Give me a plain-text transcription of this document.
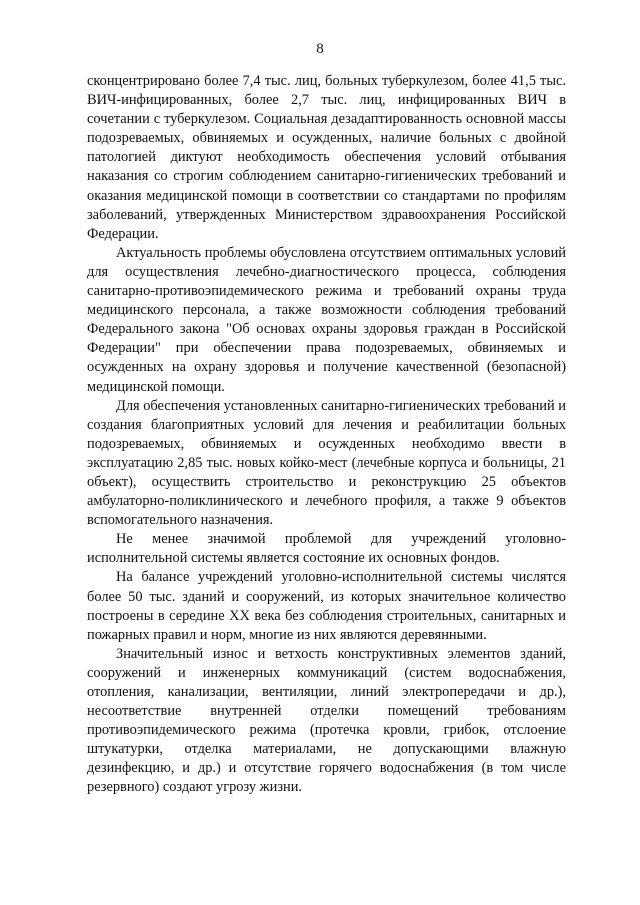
8

сконцентрировано более 7,4 тыс. лиц, больных туберкулезом, более 41,5 тыс. ВИЧ-инфицированных, более 2,7 тыс. лиц, инфицированных ВИЧ в сочетании с туберкулезом. Социальная дезадаптированность основной массы подозреваемых, обвиняемых и осужденных, наличие больных с двойной патологией диктуют необходимость обеспечения условий отбывания наказания со строгим соблюдением санитарно-гигиенических требований и оказания медицинской помощи в соответствии со стандартами по профилям заболеваний, утвержденных Министерством здравоохранения Российской Федерации.

Актуальность проблемы обусловлена отсутствием оптимальных условий для осуществления лечебно-диагностического процесса, соблюдения санитарно-противоэпидемического режима и требований охраны труда медицинского персонала, а также возможности соблюдения требований Федерального закона "Об основах охраны здоровья граждан в Российской Федерации" при обеспечении права подозреваемых, обвиняемых и осужденных на охрану здоровья и получение качественной (безопасной) медицинской помощи.

Для обеспечения установленных санитарно-гигиенических требований и создания благоприятных условий для лечения и реабилитации больных подозреваемых, обвиняемых и осужденных необходимо ввести в эксплуатацию 2,85 тыс. новых койко-мест (лечебные корпуса и больницы, 21 объект), осуществить строительство и реконструкцию 25 объектов амбулаторно-поликлинического и лечебного профиля, а также 9 объектов вспомогательного назначения.

Не менее значимой проблемой для учреждений уголовно-исполнительной системы является состояние их основных фондов.

На балансе учреждений уголовно-исполнительной системы числятся более 50 тыс. зданий и сооружений, из которых значительное количество построены в середине XX века без соблюдения строительных, санитарных и пожарных правил и норм, многие из них являются деревянными.

Значительный износ и ветхость конструктивных элементов зданий, сооружений и инженерных коммуникаций (систем водоснабжения, отопления, канализации, вентиляции, линий электропередачи и др.), несоответствие внутренней отделки помещений требованиям противоэпидемического режима (протечка кровли, грибок, отслоение штукатурки, отделка материалами, не допускающими влажную дезинфекцию, и др.) и отсутствие горячего водоснабжения (в том числе резервного) создают угрозу жизни.
